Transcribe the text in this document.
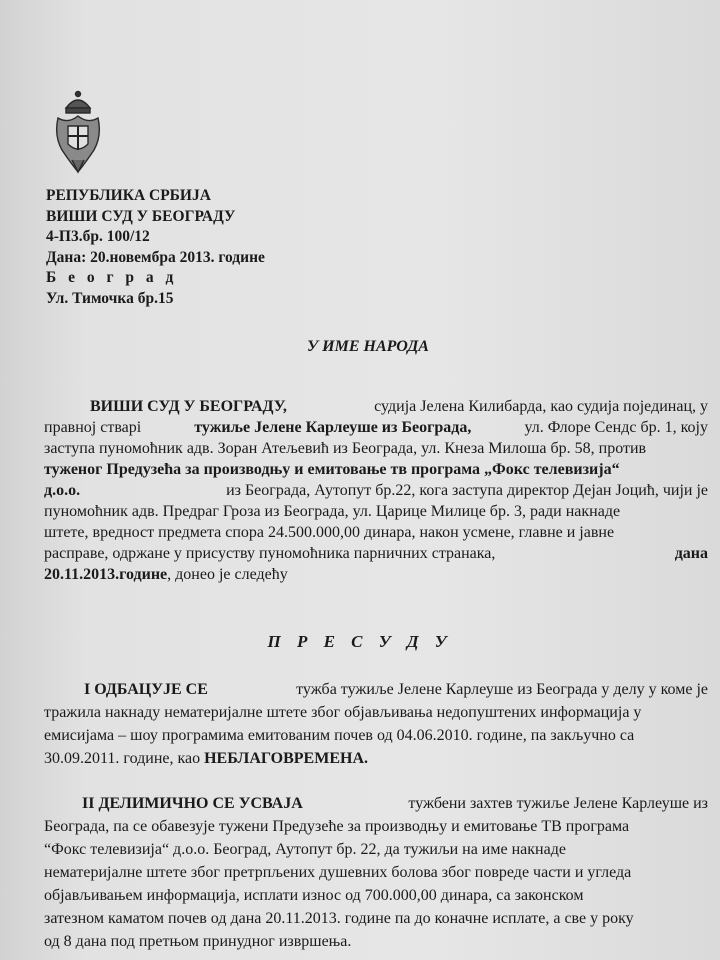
РЕПУБЛИКА СРБИЈА
ВИШИ СУД У БЕОГРАДУ
4-П3.бр. 100/12
Дана: 20.новембра 2013. године
Б е о г р а д
Ул. Тимочка бр.15
У ИМЕ НАРОДА
ВИШИ СУД У БЕОГРАДУ,	судија Јелена Килибарда, као судија појединац, у
правној стварі	тужиље Јелене Карлеуше из Београда,	ул. Флоре Сендс бр. 1, коју
заступа пуномоћник адв. Зоран Атељевић из Београда, ул. Кнеза Милоша бр. 58, против
туженог Предузећа за производњу и емитовање тв програма „Фокс телевизија“
д.о.о.	из Београда, Аутопут бр.22, кога заступа директор Дејан Јоцић, чији је
пуномоћник адв. Предраг Гроза из Београда, ул. Царице Милице бр. 3, ради накнаде
штете, вредност предмета спора 24.500.000,00 динара, након усмене, главне и јавне
расправе, одржане у присуству пуномоћника парничних странака,	дана
20.11.2013.године , донео је следећу
П Р Е С У Д У
I ОДБАЦУЈЕ СЕ	тужба тужиље Јелене Карлеуше из Београда у делу у коме је
тражила накнаду нематеријалне штете због објављивања недопуштених информација у
емисијама – шоу програмима емитованим почев од 04.06.2010. године, па закључно са
30.09.2011. године, као НЕБЛАГОВРЕМЕНА.
II ДЕЛИМИЧНО СЕ УСВАЈА	тужбени захтев тужиље Јелене Карлеуше из
Београда, па се обавезује тужени Предузеће за производњу и емитовање ТВ програма
“Фокс телевизија“ д.о.о. Београд, Аутопут бр. 22, да тужиљи на име накнаде
нематеријалне штете због претрпљених душевних болова због повреде части и угледа
објављивањем информација, исплати износ од 700.000,00 динара, са законском
затезном каматом почев од дана 20.11.2013. године па до коначне исплате, а све у року
од 8 дана под претњом принудног извршења.
